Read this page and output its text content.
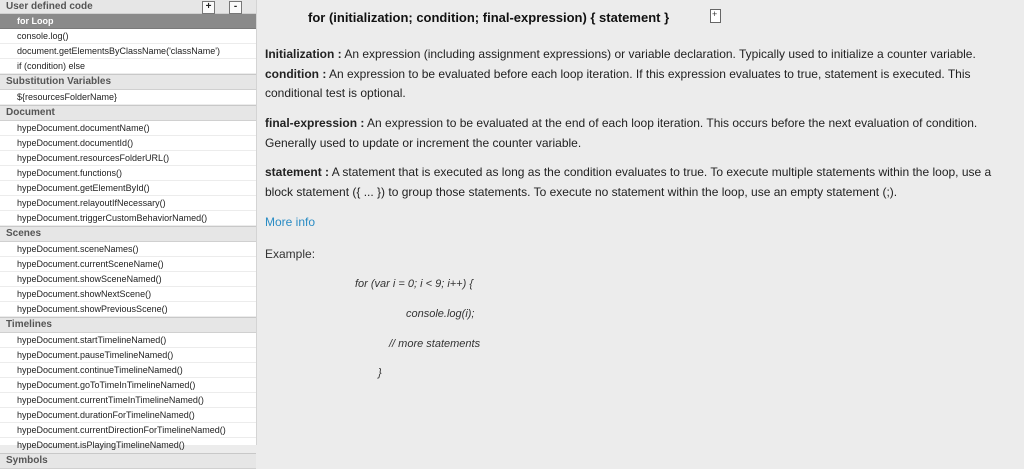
User defined code	+	-
for Loop
console.log()
document.getElementsByClassName('className')
if (condition) else
Substitution Variables
${resourcesFolderName}
Document
hypeDocument.documentName()
hypeDocument.documentId()
hypeDocument.resourcesFolderURL()
hypeDocument.functions()
hypeDocument.getElementById()
hypeDocument.relayoutIfNecessary()
hypeDocument.triggerCustomBehaviorNamed()
Scenes
hypeDocument.sceneNames()
hypeDocument.currentSceneName()
hypeDocument.showSceneNamed()
hypeDocument.showNextScene()
hypeDocument.showPreviousScene()
Timelines
hypeDocument.startTimelineNamed()
hypeDocument.pauseTimelineNamed()
hypeDocument.continueTimelineNamed()
hypeDocument.goToTimeInTimelineNamed()
hypeDocument.currentTimeInTimelineNamed()
hypeDocument.durationForTimelineNamed()
hypeDocument.currentDirectionForTimelineNamed()
hypeDocument.isPlayingTimelineNamed()
Symbols
for (initialization; condition; final-expression) { statement }
+
Initialization : An expression (including assignment expressions) or variable declaration. Typically used to initialize a counter variable.
condition : An expression to be evaluated before each loop iteration. If this expression evaluates to true, statement is executed. This conditional test is optional.
final-expression : An expression to be evaluated at the end of each loop iteration. This occurs before the next evaluation of condition. Generally used to update or increment the counter variable.
statement : A statement that is executed as long as the condition evaluates to true. To execute multiple statements within the loop, use a block statement ({ ... }) to group those statements. To execute no statement within the loop, use an empty statement (;).
More info
Example:
for (var i = 0; i < 9; i++) {
console.log(i);
// more statements
}
